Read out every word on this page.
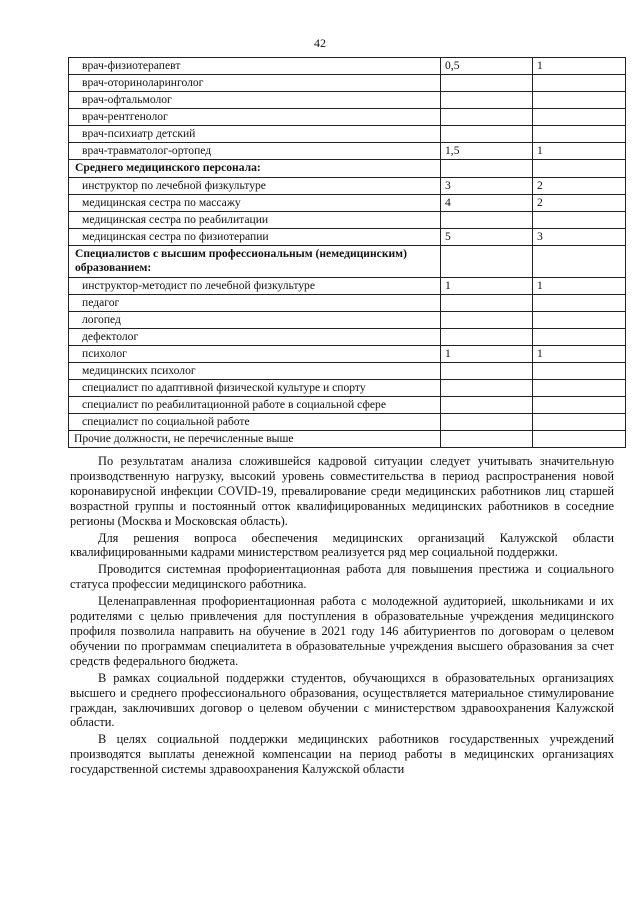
42
врач-физиотерапевт	0,5	1
врач-оториноларинголог		
врач-офтальмолог		
врач-рентгенолог		
врач-психиатр детский		
врач-травматолог-ортопед	1,5	1
Среднего медицинского персонала:		
инструктор по лечебной физкультуре	3	2
медицинская сестра по массажу	4	2
медицинская сестра по реабилитации		
медицинская сестра по физиотерапии	5	3
Специалистов с высшим профессиональным (немедицинским) образованием:		
инструктор-методист по лечебной физкультуре	1	1
педагог		
логопед		
дефектолог		
психолог	1	1
медицинских психолог		
специалист по адаптивной физической культуре и спорту		
специалист по реабилитационной работе в социальной сфере		
специалист по социальной работе		
Прочие должности, не перечисленные выше		

По результатам анализа сложившейся кадровой ситуации следует учитывать значительную производственную нагрузку, высокий уровень совместительства в период распространения новой коронавирусной инфекции COVID-19, превалирование среди медицинских работников лиц старшей возрастной группы и постоянный отток квалифицированных медицинских работников в соседние регионы (Москва и Московская область).

Для решения вопроса обеспечения медицинских организаций Калужской области квалифицированными кадрами министерством реализуется ряд мер социальной поддержки.

Проводится системная профориентационная работа для повышения престижа и социального статуса профессии медицинского работника.

Целенаправленная профориентационная работа с молодежной аудиторией, школьниками и их родителями с целью привлечения для поступления в образовательные учреждения медицинского профиля позволила направить на обучение в 2021 году 146 абитуриентов по договорам о целевом обучении по программам специалитета в образовательные учреждения высшего образования за счет средств федерального бюджета.

В рамках социальной поддержки студентов, обучающихся в образовательных организациях высшего и среднего профессионального образования, осуществляется материальное стимулирование граждан, заключивших договор о целевом обучении с министерством здравоохранения Калужской области.

В целях социальной поддержки медицинских работников государственных учреждений производятся выплаты денежной компенсации на период работы в медицинских организациях государственной системы здравоохранения Калужской области
